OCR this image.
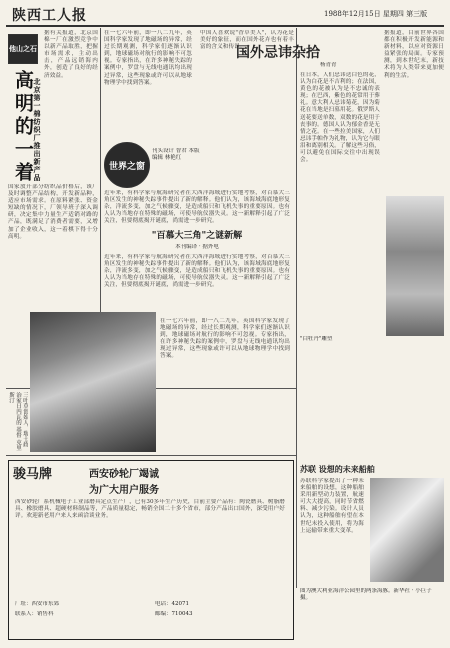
陕西工人报	1988年12月15日 星期四 第三版
他山之石
高明的一着 北京第一棉纺织厂推出新产品
据有关报道，北京国棉一厂在激烈竞争中以新产品取胜，把握市场需求，主动出击，产品远销海内外，创造了良好的经济效益。
国家放开部分纺织品价格后，该厂及时调整产品结构，开发新品种，适应市场需求。在原料紧张、资金短缺的情况下，厂领导班子深入调研，决定集中力量生产适销对路的产品，既满足了消费者需要，又增加了企业收入，这一着棋下得十分高明。
在一七六年前，即一八二九年，英国科学家发现了地磁场的异常，经过长期观测，科学家们逐渐认识到，地球磁场对航行的影响不可忽视。专家指出，在许多神秘失踪的案例中，罗盘与无线电通讯均出现过异常，这些现象或许可以从地球物理学中找到答案。
世界之窗
刊头设计 智君 本版编辑 林艳红
近年来，有科学家与航海研究者在大西洋海域进行实地考察，对百慕大三角区发生的神秘失踪事件提出了新的解释。他们认为，该海域海底地形复杂，洋流多变，加之气候骤变，是造成船只和飞机失事的重要原因。也有人认为当地存在特殊的磁场，可使导航仪器失灵。这一新解释引起了广泛关注，但要彻底揭开谜底，尚需进一步研究。
"百慕大三角"之谜新解
本刊编译 · 据外电
近年来，有科学家与航海研究者在大西洋海域进行实地考察，对百慕大三角区发生的神秘失踪事件提出了新的解释。他们认为，该海域海底地形复杂，洋流多变，加之气候骤变，是造成船只和飞机失事的重要原因。也有人认为当地存在特殊的磁场，可使导航仪器失灵。这一新解释引起了广泛关注，但要彻底揭开谜底，尚需进一步研究。
三叶草创始人、瑞士政治家日内瓦的 基督 克里斯汀
在一七六年前，即一八二九年，英国科学家发现了地磁场的异常，经过长期观测，科学家们逐渐认识到，地球磁场对航行的影响不可忽视。专家指出，在许多神秘失踪的案例中，罗盘与无线电通讯均出现过异常，这些现象或许可以从地球物理学中找到答案。
中国人喜欢说"香草美人"，认为花是美好的象征，而在国外花卉也有着丰富的含义和传说。
国外忌讳杂拾
杨青青
在日本，人们忌讳送白色的花，认为白花是不吉利的；在法国，黄色的花被认为是不忠诚的表现；在巴西，紫色的花常用于葬礼。意大利人忌讳菊花，因为菊花在当地是扫墓用花。俄罗斯人送花要送单数，双数的花是用于丧事的。德国人认为郁金香是无情之花。在一些拉美国家，人们忌讳手帕作为礼物，认为它与眼泪和离别相关。了解这些习俗，可以避免在国际交往中出现误会。
据报道，目前世界各国都在积极开发新能源和新材料，以应对资源日益紧张的局面。专家预测，到本世纪末，新技术将为人类带来更加便利的生活。
"白牡丹"雕塑
苏联 设想的未来船舶
苏联科学家提出了一种未来船舶的设想，这种船舶采用新型动力装置，航速可大大提高，同时节省燃料、减少污染。设计人员认为，这种船舶有望在本世纪末投入使用，将为海上运输带来重大变革。
图为澳大利亚海洋公园里的两条海豚。新华社 · 小巨子 摄。
骏马牌	西安砂轮厂竭诚
为广大用户服务
西安砂轮厂系机械电子工业部磨具定点生产厂，已有30多年生产历史，目前主要产品有：陶瓷磨具、树脂磨具、橡胶磨具、超硬材料制品等，产品质量稳定，畅销全国二十多个省市，部分产品出口国外，深受用户好评。欢迎新老用户来人来函洽谈业务。
厂址：西安市东郊
联系人：销售科
电话：42071
邮编：710043
